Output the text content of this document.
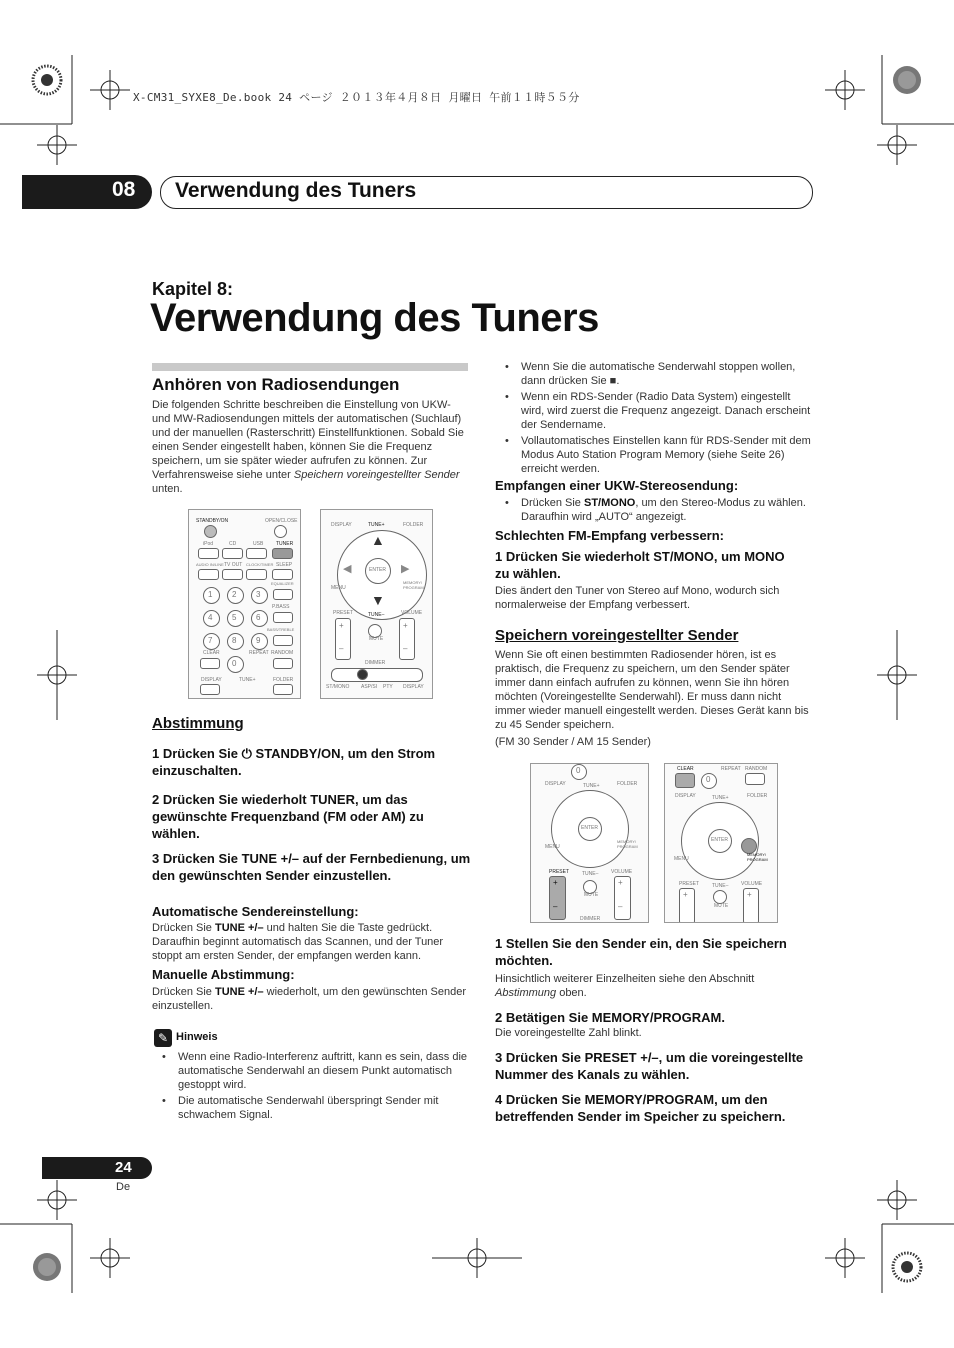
X-CM31_SYXE8_De.book 24 ページ ２０１３年４月８日 月曜日 午前１１時５５分
08 Verwendung des Tuners
Kapitel 8:
Verwendung des Tuners
Anhören von Radiosendungen
Die folgenden Schritte beschreiben die Einstellung von UKW- und MW-Radiosendungen mittels der automatischen (Suchlauf) und der manuellen (Rasterschritt) Einstellfunktionen. Sobald Sie einen Sender eingestellt haben, können Sie die Frequenz speichern, um sie später wieder aufrufen zu können. Zur Verfahrensweise siehe unter Speichern voreingestellter Sender unten.
STANDBY/ON	OPEN/CLOSE
iPod	CD	USB	TUNER
AUDIO IN/LINE TV OUT CLOCK/TIMER SLEEP
EQUALIZER
1 2 3
P.BASS
4 5 6
BASS/TREBLE
7 8 9
CLEAR	REPEAT RANDOM
0
DISPLAY	TUNE+	FOLDER
DISPLAY	TUNE+	FOLDER
ENTER
▲
▼
◀	▶
MENU
MEMORY/ PROGRAM
PRESET	TUNE–	VOLUME
+
–
+
–
MUTE
DIMMER
ST/MONO ASP/SI PTY DISPLAY
Abstimmung
1 Drücken Sie ⏻ STANDBY/ON, um den Strom einzuschalten.
2 Drücken Sie wiederholt TUNER, um das gewünschte Frequenzband (FM oder AM) zu wählen.
3 Drücken Sie TUNE +/– auf der Fernbedienung, um den gewünschten Sender einzustellen.
Automatische Sendereinstellung:
Drücken Sie TUNE +/– und halten Sie die Taste gedrückt. Daraufhin beginnt automatisch das Scannen, und der Tuner stoppt am ersten Sender, der empfangen werden kann.
Manuelle Abstimmung:
Drücken Sie TUNE +/– wiederholt, um den gewünschten Sender einzustellen.
✎ Hinweis
• Wenn eine Radio-Interferenz auftritt, kann es sein, dass die automatische Senderwahl an diesem Punkt automatisch gestoppt wird.
• Die automatische Senderwahl überspringt Sender mit schwachem Signal.
• Wenn Sie die automatische Senderwahl stoppen wollen, dann drücken Sie ■.
• Wenn ein RDS-Sender (Radio Data System) eingestellt wird, wird zuerst die Frequenz angezeigt. Danach erscheint der Sendername.
• Vollautomatisches Einstellen kann für RDS-Sender mit dem Modus Auto Station Program Memory (siehe Seite 26) erreicht werden.
Empfangen einer UKW-Stereosendung:
• Drücken Sie ST/MONO, um den Stereo-Modus zu wählen. Daraufhin wird „AUTO“ angezeigt.
Schlechten FM-Empfang verbessern:
1 Drücken Sie wiederholt ST/MONO, um MONO zu wählen.
Dies ändert den Tuner von Stereo auf Mono, wodurch sich normalerweise der Empfang verbessert.
Speichern voreingestellter Sender
Wenn Sie oft einen bestimmten Radiosender hören, ist es praktisch, die Frequenz zu speichern, um den Sender später immer dann einfach aufrufen zu können, wenn Sie ihn hören möchten (Voreingestellte Senderwahl). Er muss dann nicht immer wieder manuell eingestellt werden. Dieses Gerät kann bis zu 45 Sender speichern.
(FM 30 Sender / AM 15 Sender)
0
DISPLAY	TUNE+	FOLDER
ENTER
MENU
MEMORY/ PROGRAM
PRESET	TUNE–	VOLUME
+
–
+
–
MUTE
DIMMER
CLEAR	REPEAT RANDOM
0
DISPLAY	TUNE+	FOLDER
ENTER
MENU
MEMORY/ PROGRAM
PRESET	TUNE–	VOLUME
+	+
MUTE
1 Stellen Sie den Sender ein, den Sie speichern möchten.
Hinsichtlich weiterer Einzelheiten siehe den Abschnitt Abstimmung oben.
2 Betätigen Sie MEMORY/PROGRAM.
Die voreingestellte Zahl blinkt.
3 Drücken Sie PRESET +/–, um die voreingestellte Nummer des Kanals zu wählen.
4 Drücken Sie MEMORY/PROGRAM, um den betreffenden Sender im Speicher zu speichern.
24
De
